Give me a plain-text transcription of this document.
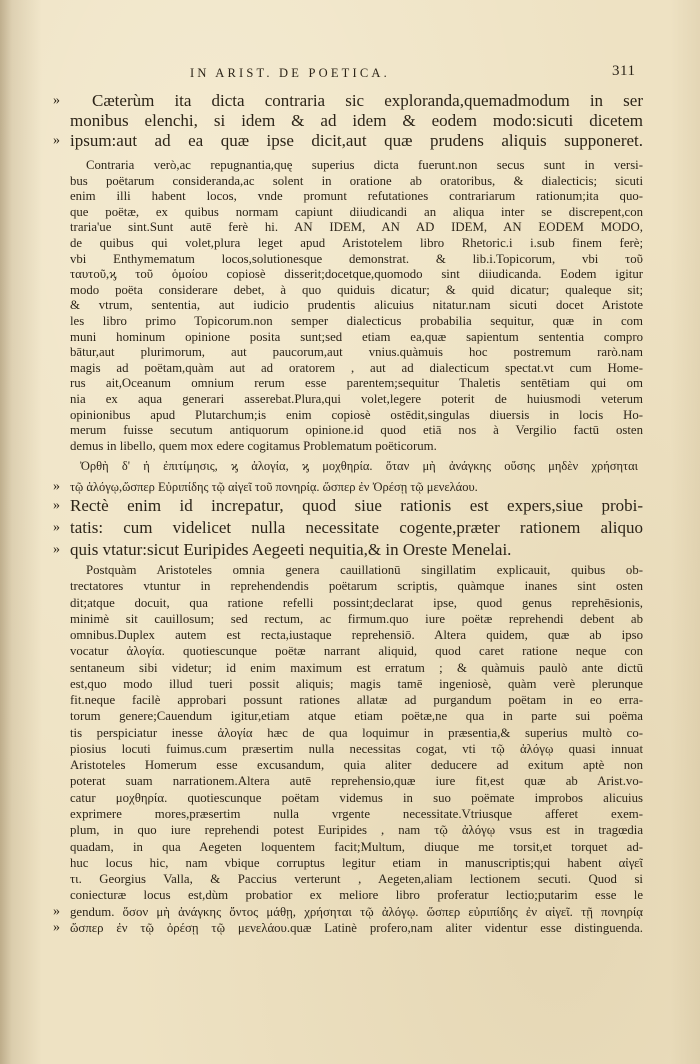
IN ARIST. DE POETICA.	311
»	Cæterùm ita dicta contraria sic exploranda,quemadmodum in ser
monibus elenchi, si idem & ad idem & eodem modo:sicuti dicetem
» ipsum:aut ad ea quæ ipse dicit,aut quæ prudens aliquis supponeret.
Contraria verò,ac repugnantia,quę superius dicta fuerunt.non secus sunt in versi-
bus poëtarum consideranda,ac solent in oratione ab oratoribus, & dialecticis; sicuti
enim illi habent locos, vnde promunt refutationes contrariarum rationum;ita quo-
que poëtæ, ex quibus normam capiunt diiudicandi an aliqua inter se discrepent,con
traria'ue sint.Sunt autē ferè hi. AN IDEM, AN AD IDEM, AN EODEM MODO,
de quibus qui volet,plura leget apud Aristotelem libro Rhetoric.i i.sub finem ferè;
vbi Enthymematum locos,solutionesque demonstrat. & lib.i.Topicorum, vbi τοῦ
ταυτοῦ,ϗ τοῦ ὁμοίου copiosè disserit;docetque,quomodo sint diiudicanda. Eodem igitur
modo poëta considerare debet, à quo quiduis dicatur; & quid dicatur; qualeque sit;
& vtrum, sententia, aut iudicio prudentis alicuius nitatur.nam sicuti docet Aristote
les libro primo Topicorum.non semper dialecticus probabilia sequitur, quæ in com
muni hominum opinione posita sunt;sed etiam ea,quæ sapientum sententia compro
bātur,aut plurimorum, aut paucorum,aut vnius.quàmuis hoc postremum rarò.nam
magis ad poëtam,quàm aut ad oratorem , aut ad dialecticum spectat.vt cum Home-
rus ait,Oceanum omnium rerum esse parentem;sequitur Thaletis sentētiam qui om
nia ex aqua generari asserebat.Plura,qui volet,legere poterit de huiusmodi veterum
opinionibus apud Plutarchum;is enim copiosè ostēdit,singulas diuersis in locis Ho-
merum fuisse secutum antiquorum opinione.id quod etiā nos à Vergilio factū osten
demus in libello, quem mox edere cogitamus Problematum poëticorum.
Ὀρθὴ δ' ἡ ἐπιτίμησις, ϗ ἀλογία, ϗ μοχθηρία. ὅταν μὴ ἀνάγκης οὔσης μηδὲν χρήσηται
» τῷ ἀλόγῳ,ὥσπερ Εὐριπίδης τῷ αἰγεῖ τοῦ πονηρίᾳ. ὥσπερ ἐν Ὀρέσῃ τῷ μενελάου.
» Rectè enim id increpatur, quod siue rationis est expers,siue probi-
» tatis: cum videlicet nulla necessitate cogente,præter rationem aliquo
» quis vtatur:sicut Euripides Aegeeti nequitia,& in Oreste Menelai.
Postquàm Aristoteles omnia genera cauillationū singillatim explicauit, quibus ob-
trectatores vtuntur in reprehendendis poëtarum scriptis, quàmque inanes sint osten
dit;atque docuit, qua ratione refelli possint;declarat ipse, quod genus reprehēsionis,
minimè sit cauillosum; sed rectum, ac firmum.quo iure poëtæ reprehendi debent ab
omnibus.Duplex autem est recta,iustaque reprehensiō. Altera quidem, quæ ab ipso
vocatur ἀλογία. quotiescunque poëtæ narrant aliquid, quod caret ratione neque con
sentaneum sibi videtur; id enim maximum est erratum ; & quàmuis paulò ante dictū
est,quo modo illud tueri possit aliquis; magis tamē ingeniosè, quàm verè plerunque
fit.neque facilè approbari possunt rationes allatæ ad purgandum poëtam in eo erra-
torum genere;Cauendum igitur,etiam atque etiam poëtæ,ne qua in parte sui poëma
tis perspiciatur inesse ἀλογία hæc de qua loquimur in præsentia,& superius multò co-
piosius locuti fuimus.cum præsertim nulla necessitas cogat, vti τῷ ἀλόγῳ quasi innuat
Aristoteles Homerum esse excusandum, quia aliter deducere ad exitum aptè non
poterat suam narrationem.Altera autē reprehensio,quæ iure fit,est quæ ab Arist.vo-
catur μοχθηρία. quotiescunque poëtam videmus in suo poëmate improbos alicuius
exprimere mores,præsertim nulla vrgente necessitate.Vtriusque afferet exem-
plum, in quo iure reprehendi potest Euripides , nam τῷ ἀλόγῳ vsus est in tragœdia
quadam, in qua Aegeten loquentem facit;Multum, diuque me torsit,et torquet ad-
huc locus hic, nam vbique corruptus legitur etiam in manuscriptis;qui habent αἰγεῖ
τι. Georgius Valla, & Paccius verterunt , Aegeten,aliam lectionem secuti. Quod si
coniecturæ locus est,dùm probatior ex meliore libro proferatur lectio;putarim esse le
» gendum. ὅσον μὴ ἀνάγκης ὄντος μάθῃ, χρήσηται τῷ ἀλόγῳ. ὥσπερ εὐριπίδης ἐν αἰγεῖ. τῇ πονηρίᾳ
» ὥσπερ ἐν τῷ ὀρέσῃ τῷ μενελάου.quæ Latinè profero,nam aliter videntur esse distinguenda.
